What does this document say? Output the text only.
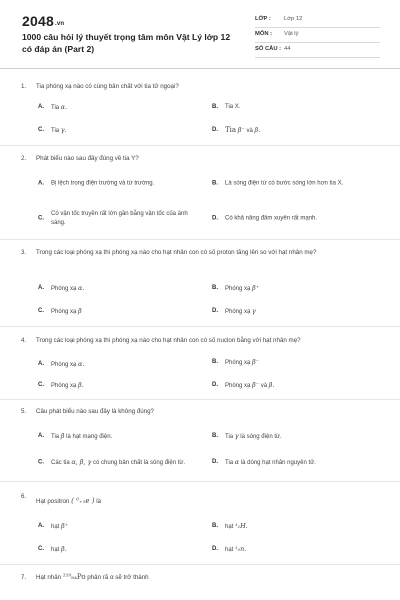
2048.vn
1000 câu hỏi lý thuyết trọng tâm môn Vật Lý lớp 12 có đáp án (Part 2)
LỚP : Lớp 12
MÔN : Vật lý
SỐ CÂU : 44
1. Tia phóng xạ nào có cùng bản chất với tia tử ngoại?
A. Tia α.	B. Tia X.
C. Tia γ.	D. Tia β⁻ và β.
2. Phát biểu nào sau đây đúng về tia Y?
A. Bị lệch trong điện trường và từ trường.	B. Là sóng điện từ có bước sóng lớn hơn tia X.
C.
Có vận tốc truyền rất lớn gần bằng vận tốc của ánh sáng.
D. Có khả năng đâm xuyên rất mạnh.
3. Trong các loại phóng xạ thì phóng xạ nào cho hạt nhân con có số proton tăng lên so với hạt nhân mẹ?
A. Phóng xạ α.	B. Phóng xạ β⁺
C. Phóng xạ β	D. Phóng xạ γ
4. Trong các loại phóng xạ thì phóng xạ nào cho hạt nhân con có số nuclon bằng với hạt nhân mẹ?
A. Phóng xạ α.	B. Phóng xạ β⁻
C. Phóng xạ β.	D. Phóng xạ β⁻ và β.
5. Câu phát biểu nào sau đây là không đúng?
A. Tia β là hạt mang điện.	B. Tia γ là sóng điện từ.
C. Các tia α, β, γ có chung bản chất là sóng điện từ.	D. Tia α là dòng hạt nhân nguyên tử.
6.
Hạt positron ( ⁰₊₁e ) là
A. hạt β⁺	B. hạt ¹₁H.
C. hạt β.	D. hạt ¹₀n.
7. Hạt nhân ²¹⁰₈₄Po phân rã α sẽ trở thành
